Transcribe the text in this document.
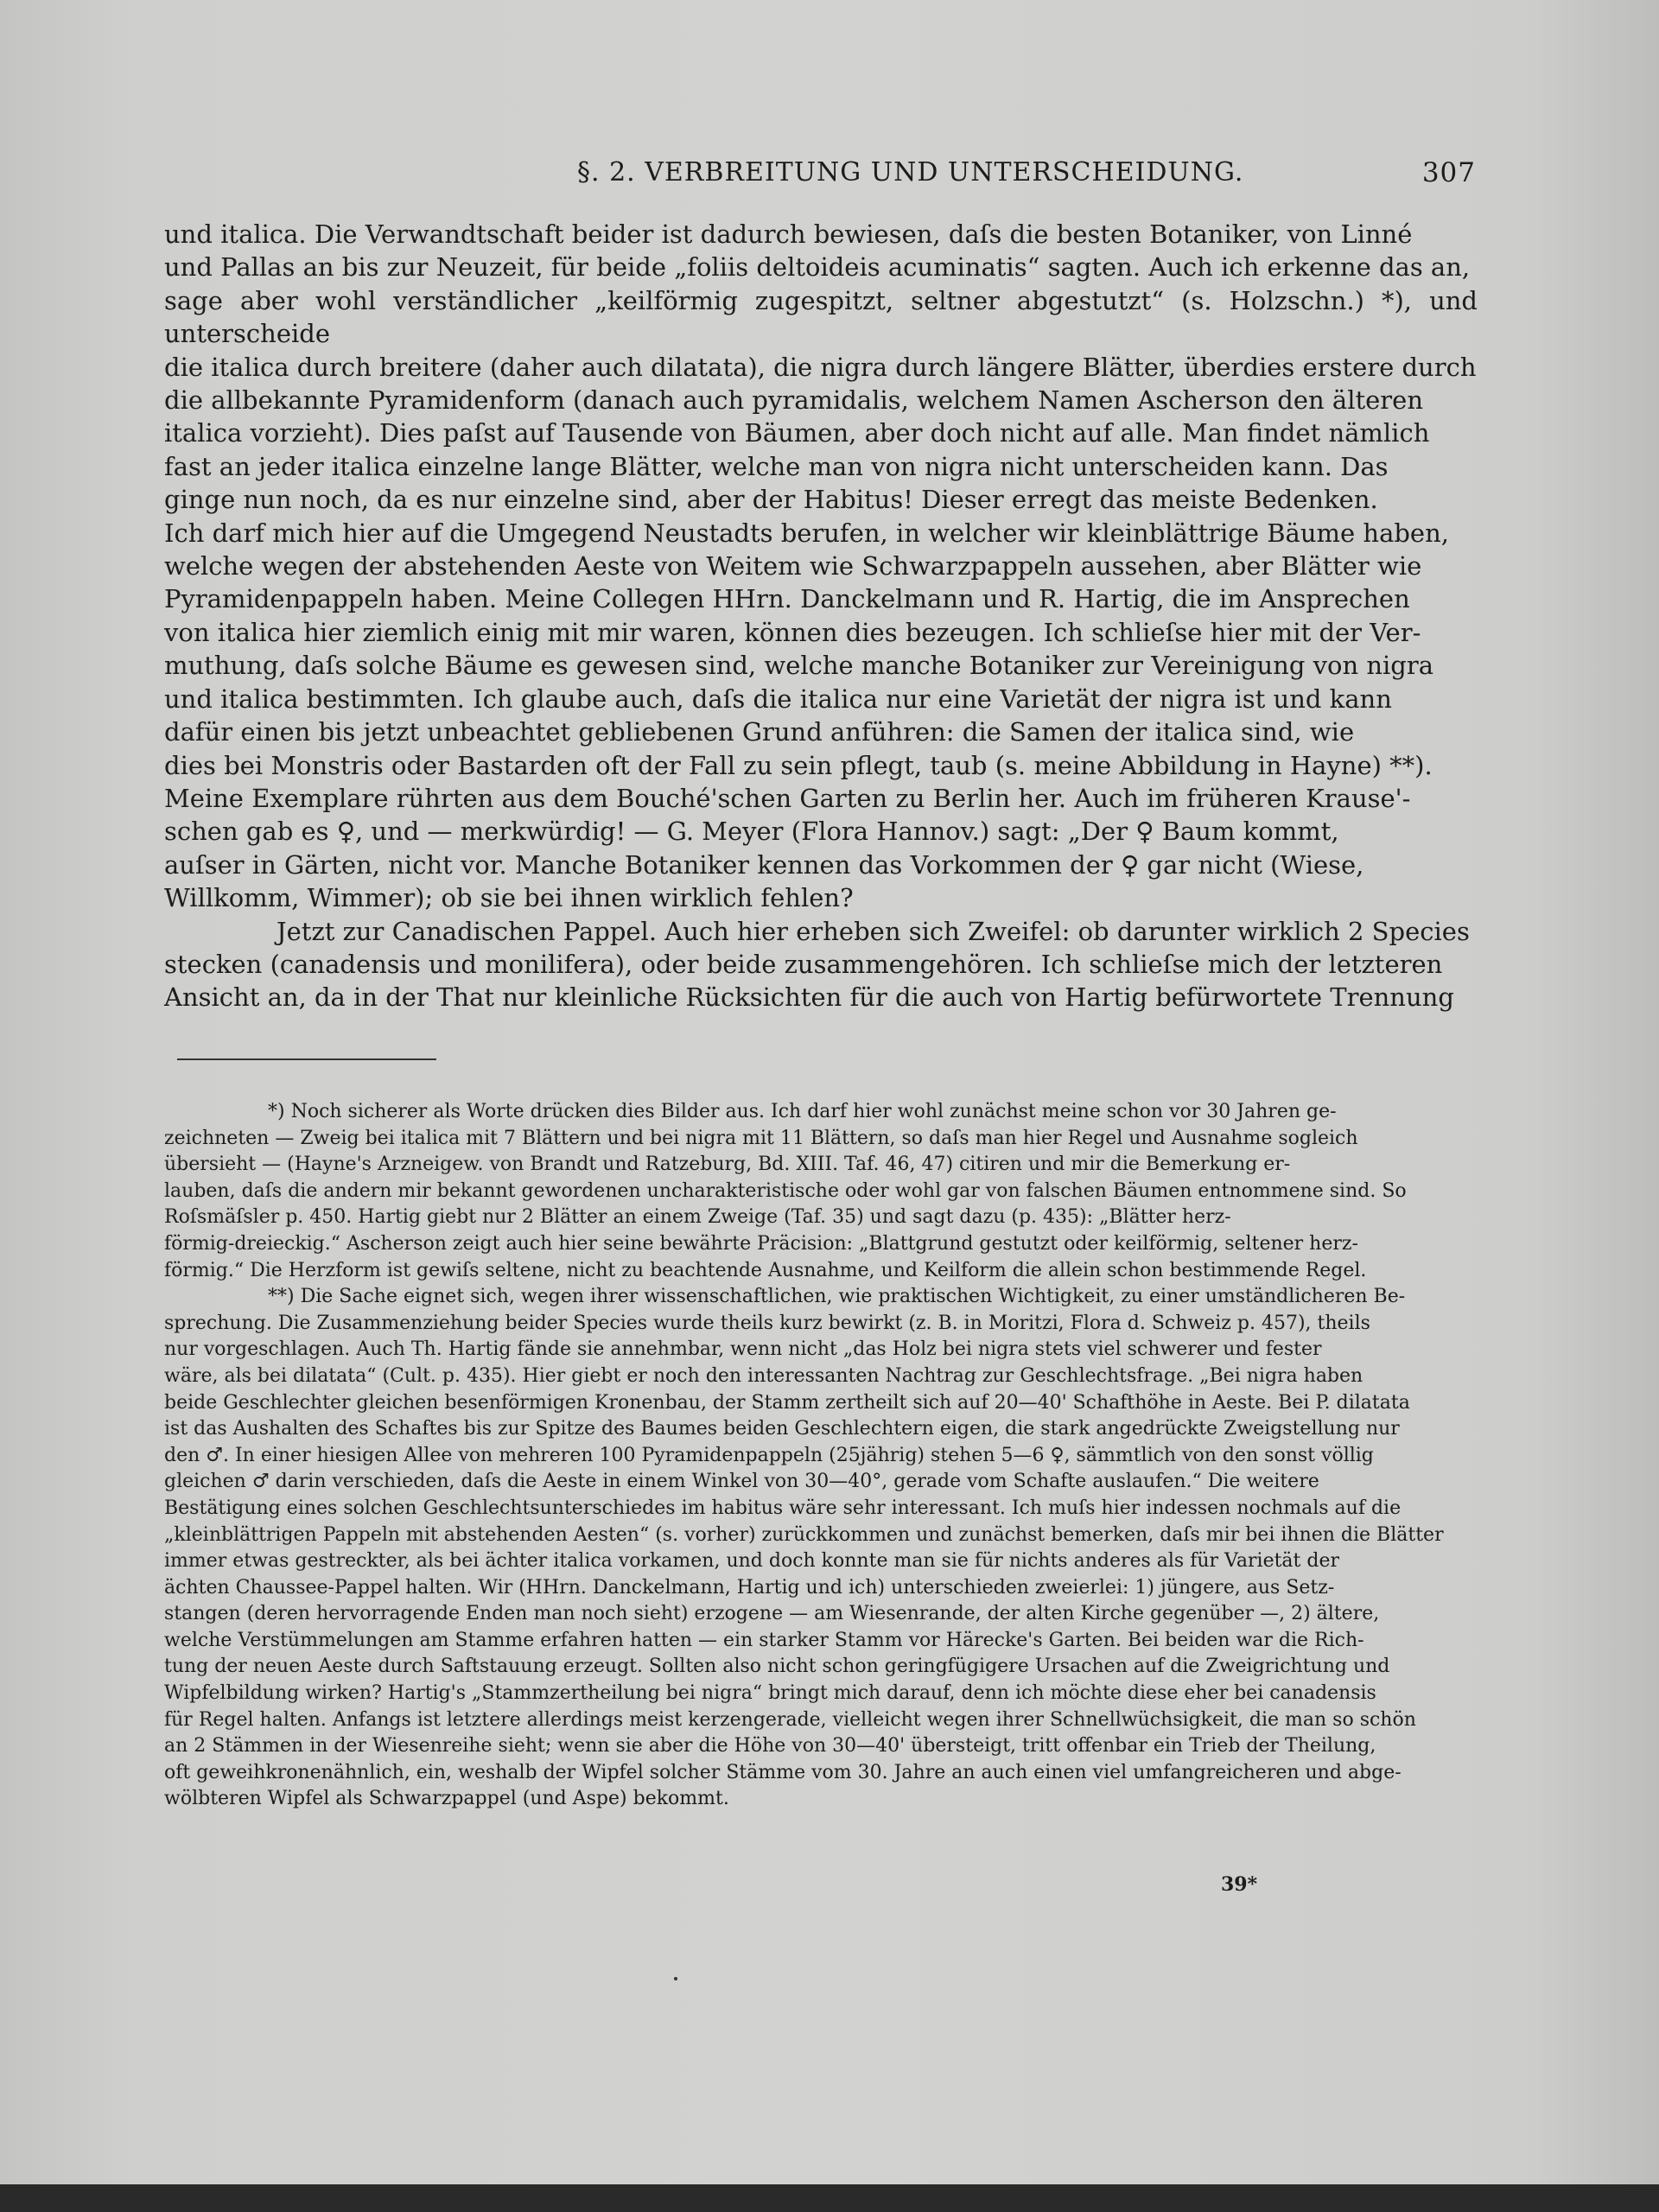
§. 2. VERBREITUNG UND UNTERSCHEIDUNG.	307

und italica. Die Verwandtschaft beider ist dadurch bewiesen, daſs die besten Botaniker, von Linné
und Pallas an bis zur Neuzeit, für beide „foliis deltoideis acuminatis“ sagten. Auch ich erkenne das an,
sage aber wohl verständlicher „keilförmig zugespitzt, seltner abgestutzt“ (s. Holzschn.) *), und unterscheide
die italica durch breitere (daher auch dilatata), die nigra durch längere Blätter, überdies erstere durch
die allbekannte Pyramidenform (danach auch pyramidalis, welchem Namen Ascherson den älteren
italica vorzieht). Dies paſst auf Tausende von Bäumen, aber doch nicht auf alle. Man findet nämlich
fast an jeder italica einzelne lange Blätter, welche man von nigra nicht unterscheiden kann. Das
ginge nun noch, da es nur einzelne sind, aber der Habitus! Dieser erregt das meiste Bedenken.
Ich darf mich hier auf die Umgegend Neustadts berufen, in welcher wir kleinblättrige Bäume haben,
welche wegen der abstehenden Aeste von Weitem wie Schwarzpappeln aussehen, aber Blätter wie
Pyramidenpappeln haben. Meine Collegen HHrn. Danckelmann und R. Hartig, die im Ansprechen
von italica hier ziemlich einig mit mir waren, können dies bezeugen. Ich schlieſse hier mit der Ver-
muthung, daſs solche Bäume es gewesen sind, welche manche Botaniker zur Vereinigung von nigra
und italica bestimmten. Ich glaube auch, daſs die italica nur eine Varietät der nigra ist und kann
dafür einen bis jetzt unbeachtet gebliebenen Grund anführen: die Samen der italica sind, wie
dies bei Monstris oder Bastarden oft der Fall zu sein pflegt, taub (s. meine Abbildung in Hayne) **).
Meine Exemplare rührten aus dem Bouché'schen Garten zu Berlin her. Auch im früheren Krause'-
schen gab es ♀, und — merkwürdig! — G. Meyer (Flora Hannov.) sagt: „Der ♀ Baum kommt,
auſser in Gärten, nicht vor. Manche Botaniker kennen das Vorkommen der ♀ gar nicht (Wiese,
Willkomm, Wimmer); ob sie bei ihnen wirklich fehlen?

Jetzt zur Canadischen Pappel. Auch hier erheben sich Zweifel: ob darunter wirklich 2 Species
stecken (canadensis und monilifera), oder beide zusammengehören. Ich schlieſse mich der letzteren
Ansicht an, da in der That nur kleinliche Rücksichten für die auch von Hartig befürwortete Trennung

*) Noch sicherer als Worte drücken dies Bilder aus. Ich darf hier wohl zunächst meine schon vor 30 Jahren ge-
zeichneten — Zweig bei italica mit 7 Blättern und bei nigra mit 11 Blättern, so daſs man hier Regel und Ausnahme sogleich
übersieht — (Hayne's Arzneigew. von Brandt und Ratzeburg, Bd. XIII. Taf. 46, 47) citiren und mir die Bemerkung er-
lauben, daſs die andern mir bekannt gewordenen uncharakteristische oder wohl gar von falschen Bäumen entnommene sind. So
Roſsmäſsler p. 450. Hartig giebt nur 2 Blätter an einem Zweige (Taf. 35) und sagt dazu (p. 435): „Blätter herz-
förmig-dreieckig.“ Ascherson zeigt auch hier seine bewährte Präcision: „Blattgrund gestutzt oder keilförmig, seltener herz-
förmig.“ Die Herzform ist gewiſs seltene, nicht zu beachtende Ausnahme, und Keilform die allein schon bestimmende Regel.

**) Die Sache eignet sich, wegen ihrer wissenschaftlichen, wie praktischen Wichtigkeit, zu einer umständlicheren Be-
sprechung. Die Zusammenziehung beider Species wurde theils kurz bewirkt (z. B. in Moritzi, Flora d. Schweiz p. 457), theils
nur vorgeschlagen. Auch Th. Hartig fände sie annehmbar, wenn nicht „das Holz bei nigra stets viel schwerer und fester
wäre, als bei dilatata“ (Cult. p. 435). Hier giebt er noch den interessanten Nachtrag zur Geschlechtsfrage. „Bei nigra haben
beide Geschlechter gleichen besenförmigen Kronenbau, der Stamm zertheilt sich auf 20—40' Schafthöhe in Aeste. Bei P. dilatata
ist das Aushalten des Schaftes bis zur Spitze des Baumes beiden Geschlechtern eigen, die stark angedrückte Zweigstellung nur
den ♂. In einer hiesigen Allee von mehreren 100 Pyramidenpappeln (25jährig) stehen 5—6 ♀, sämmtlich von den sonst völlig
gleichen ♂ darin verschieden, daſs die Aeste in einem Winkel von 30—40°, gerade vom Schafte auslaufen.“ Die weitere
Bestätigung eines solchen Geschlechtsunterschiedes im habitus wäre sehr interessant. Ich muſs hier indessen nochmals auf die
„kleinblättrigen Pappeln mit abstehenden Aesten“ (s. vorher) zurückkommen und zunächst bemerken, daſs mir bei ihnen die Blätter
immer etwas gestreckter, als bei ächter italica vorkamen, und doch konnte man sie für nichts anderes als für Varietät der
ächten Chaussee-Pappel halten. Wir (HHrn. Danckelmann, Hartig und ich) unterschieden zweierlei: 1) jüngere, aus Setz-
stangen (deren hervorragende Enden man noch sieht) erzogene — am Wiesenrande, der alten Kirche gegenüber —, 2) ältere,
welche Verstümmelungen am Stamme erfahren hatten — ein starker Stamm vor Härecke's Garten. Bei beiden war die Rich-
tung der neuen Aeste durch Saftstauung erzeugt. Sollten also nicht schon geringfügigere Ursachen auf die Zweigrichtung und
Wipfelbildung wirken? Hartig's „Stammzertheilung bei nigra“ bringt mich darauf, denn ich möchte diese eher bei canadensis
für Regel halten. Anfangs ist letztere allerdings meist kerzengerade, vielleicht wegen ihrer Schnellwüchsigkeit, die man so schön
an 2 Stämmen in der Wiesenreihe sieht; wenn sie aber die Höhe von 30—40' übersteigt, tritt offenbar ein Trieb der Theilung,
oft geweihkronenähnlich, ein, weshalb der Wipfel solcher Stämme vom 30. Jahre an auch einen viel umfangreicheren und abge-
wölbteren Wipfel als Schwarzpappel (und Aspe) bekommt.

39*
